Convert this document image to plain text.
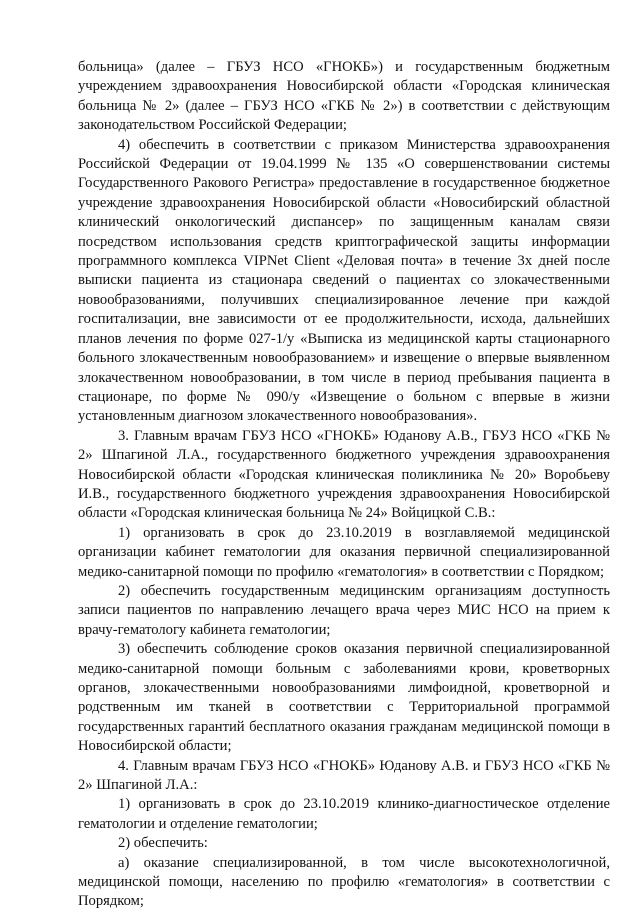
больница» (далее – ГБУЗ НСО «ГНОКБ») и государственным бюджетным учреждением здравоохранения Новосибирской области «Городская клиническая больница № 2» (далее – ГБУЗ НСО «ГКБ № 2») в соответствии с действующим законодательством Российской Федерации;

4) обеспечить в соответствии с приказом Министерства здравоохранения Российской Федерации от 19.04.1999 № 135 «О совершенствовании системы Государственного Ракового Регистра» предоставление в государственное бюджетное учреждение здравоохранения Новосибирской области «Новосибирский областной клинический онкологический диспансер» по защищенным каналам связи посредством использования средств криптографической защиты информации программного комплекса VIPNet Client «Деловая почта» в течение 3х дней после выписки пациента из стационара сведений о пациентах со злокачественными новообразованиями, получивших специализированное лечение при каждой госпитализации, вне зависимости от ее продолжительности, исхода, дальнейших планов лечения по форме 027-1/у «Выписка из медицинской карты стационарного больного злокачественным новообразованием» и извещение о впервые выявленном злокачественном новообразовании, в том числе в период пребывания пациента в стационаре, по форме № 090/у «Извещение о больном с впервые в жизни установленным диагнозом злокачественного новообразования».

3. Главным врачам ГБУЗ НСО «ГНОКБ» Юданову А.В., ГБУЗ НСО «ГКБ № 2» Шпагиной Л.А., государственного бюджетного учреждения здравоохранения Новосибирской области «Городская клиническая поликлиника № 20» Воробьеву И.В., государственного бюджетного учреждения здравоохранения Новосибирской области «Городская клиническая больница № 24» Войцицкой С.В.:

1) организовать в срок до 23.10.2019 в возглавляемой медицинской организации кабинет гематологии для оказания первичной специализированной медико-санитарной помощи по профилю «гематология» в соответствии с Порядком;

2) обеспечить государственным медицинским организациям доступность записи пациентов по направлению лечащего врача через МИС НСО на прием к врачу-гематологу кабинета гематологии;

3) обеспечить соблюдение сроков оказания первичной специализированной медико-санитарной помощи больным с заболеваниями крови, кроветворных органов, злокачественными новообразованиями лимфоидной, кроветворной и родственным им тканей в соответствии с Территориальной программой государственных гарантий бесплатного оказания гражданам медицинской помощи в Новосибирской области;

4. Главным врачам ГБУЗ НСО «ГНОКБ» Юданову А.В. и ГБУЗ НСО «ГКБ № 2» Шпагиной Л.А.:

1) организовать в срок до 23.10.2019 клинико-диагностическое отделение гематологии и отделение гематологии;

2) обеспечить:

а) оказание специализированной, в том числе высокотехнологичной, медицинской помощи, населению по профилю «гематология» в соответствии с Порядком;
